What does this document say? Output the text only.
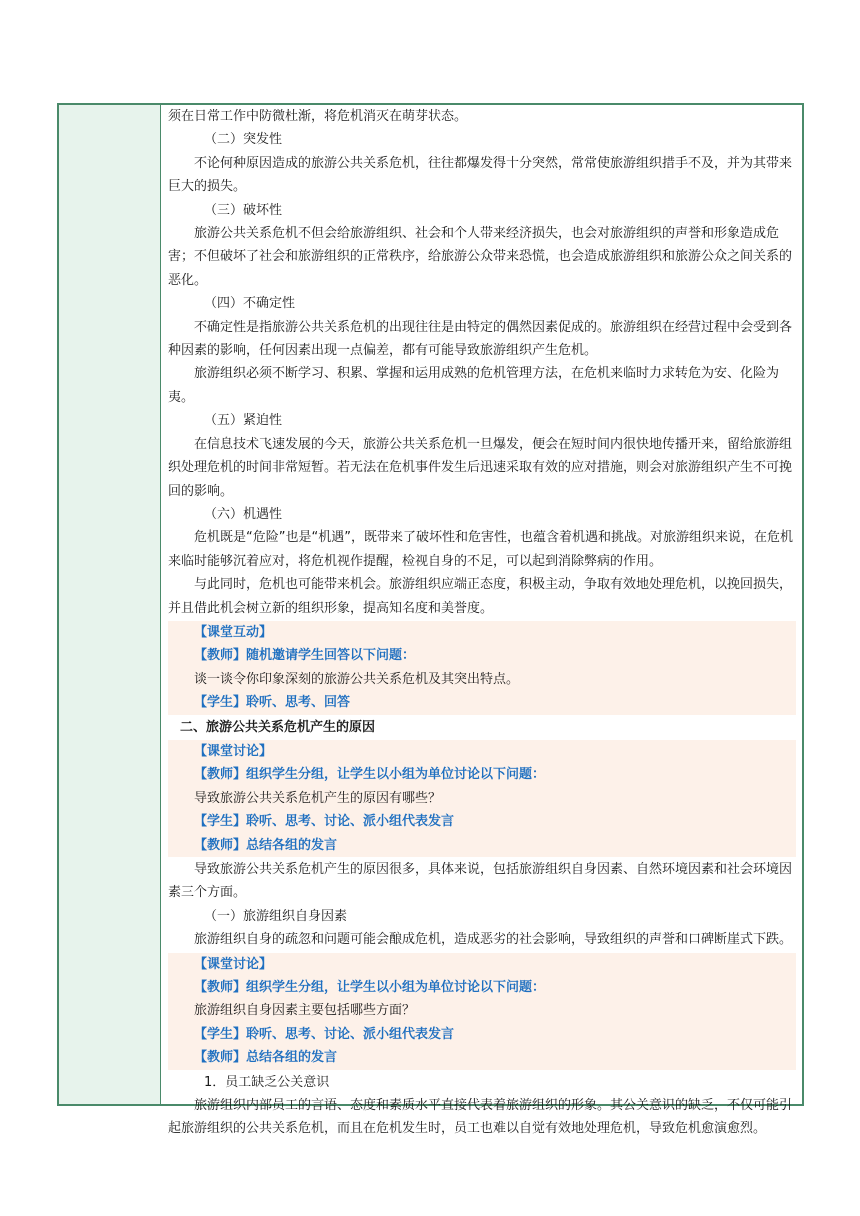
须在日常工作中防微杜渐，将危机消灭在萌芽状态。
（二）突发性
不论何种原因造成的旅游公共关系危机，往往都爆发得十分突然，常常使旅游组织措手不及，并为其带来巨大的损失。
（三）破坏性
旅游公共关系危机不但会给旅游组织、社会和个人带来经济损失，也会对旅游组织的声誉和形象造成危害；不但破坏了社会和旅游组织的正常秩序，给旅游公众带来恐慌，也会造成旅游组织和旅游公众之间关系的恶化。
（四）不确定性
不确定性是指旅游公共关系危机的出现往往是由特定的偶然因素促成的。旅游组织在经营过程中会受到各种因素的影响，任何因素出现一点偏差，都有可能导致旅游组织产生危机。
旅游组织必须不断学习、积累、掌握和运用成熟的危机管理方法，在危机来临时力求转危为安、化险为夷。
（五）紧迫性
在信息技术飞速发展的今天，旅游公共关系危机一旦爆发，便会在短时间内很快地传播开来，留给旅游组织处理危机的时间非常短暂。若无法在危机事件发生后迅速采取有效的应对措施，则会对旅游组织产生不可挽回的影响。
（六）机遇性
危机既是“危险”也是“机遇”，既带来了破坏性和危害性，也蕴含着机遇和挑战。对旅游组织来说，在危机来临时能够沉着应对，将危机视作提醒，检视自身的不足，可以起到消除弊病的作用。
与此同时，危机也可能带来机会。旅游组织应端正态度，积极主动，争取有效地处理危机，以挽回损失，并且借此机会树立新的组织形象，提高知名度和美誉度。
【课堂互动】
【教师】随机邀请学生回答以下问题：
谈一谈令你印象深刻的旅游公共关系危机及其突出特点。
【学生】聆听、思考、回答
二、旅游公共关系危机产生的原因
【课堂讨论】
【教师】组织学生分组，让学生以小组为单位讨论以下问题：
导致旅游公共关系危机产生的原因有哪些？
【学生】聆听、思考、讨论、派小组代表发言
【教师】总结各组的发言
导致旅游公共关系危机产生的原因很多，具体来说，包括旅游组织自身因素、自然环境因素和社会环境因素三个方面。
（一）旅游组织自身因素
旅游组织自身的疏忽和问题可能会酿成危机，造成恶劣的社会影响，导致组织的声誉和口碑断崖式下跌。
【课堂讨论】
【教师】组织学生分组，让学生以小组为单位讨论以下问题：
旅游组织自身因素主要包括哪些方面？
【学生】聆听、思考、讨论、派小组代表发言
【教师】总结各组的发言
1．员工缺乏公关意识
旅游组织内部员工的言语、态度和素质水平直接代表着旅游组织的形象。其公关意识的缺乏，不仅可能引起旅游组织的公共关系危机，而且在危机发生时，员工也难以自觉有效地处理危机，导致危机愈演愈烈。
